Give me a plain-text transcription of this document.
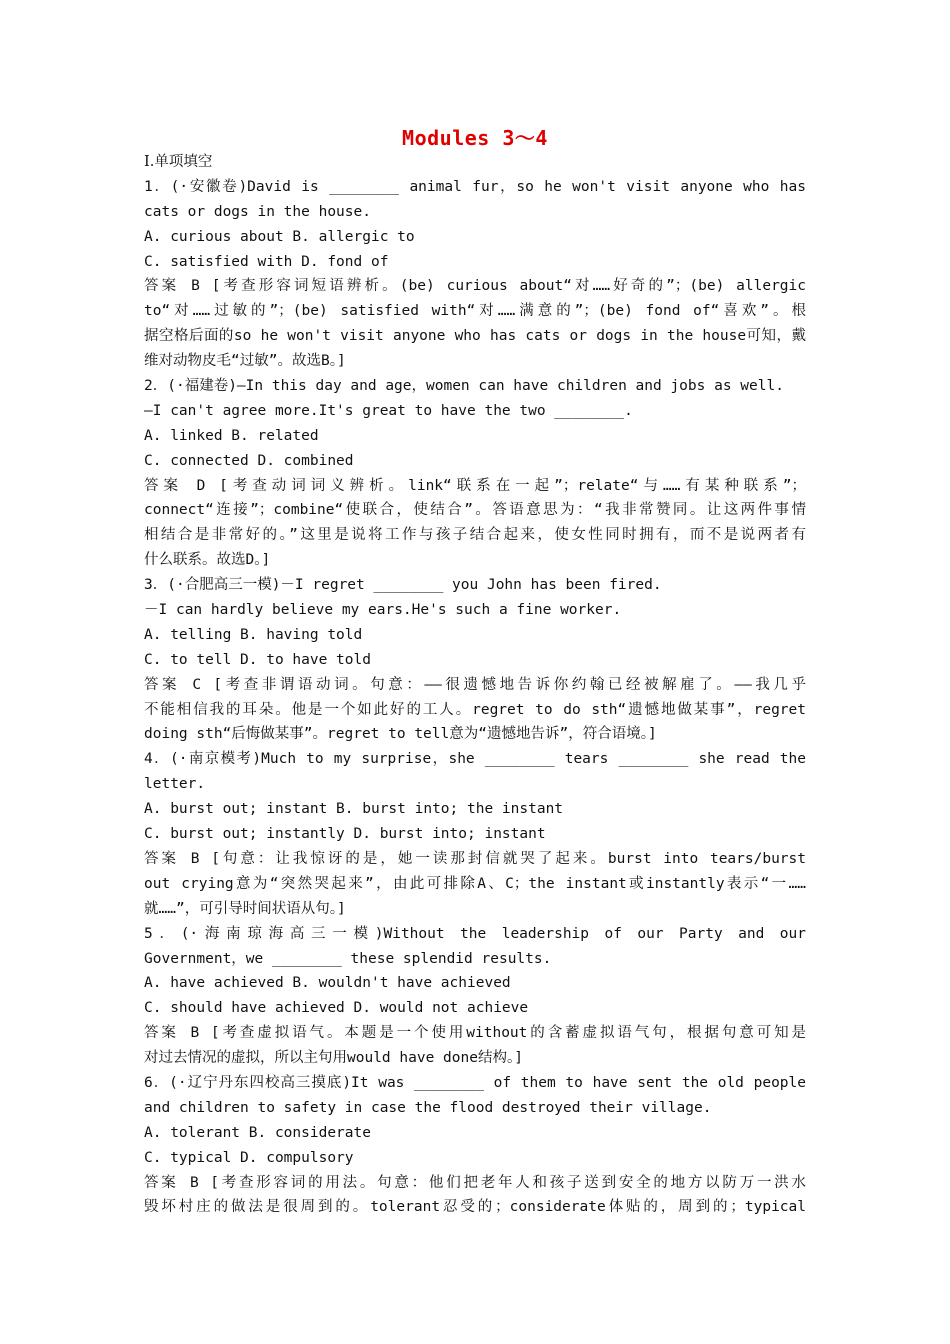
Modules 3～4
Ⅰ.单项填空
1．(·安徽卷)David is ________ animal fur，so he won't visit anyone who has
cats or dogs in the house.
A. curious about B. allergic to
C. satisfied with D. fond of
答案 B [考查形容词短语辨析。(be) curious about“对……好奇的”；(be) allergic
to“对……过敏的”；(be) satisfied with“对……满意的”；(be) fond of“喜欢”。根
据空格后面的so he won't visit anyone who has cats or dogs in the house可知，戴
维对动物皮毛“过敏”。故选B。]
2．(·福建卷)—In this day and age，women can have children and jobs as well.
—I can't agree more.It's great to have the two ________.
A. linked B. related
C. connected D. combined
答案 D [考查动词词义辨析。link“联系在一起”；relate“与……有某种联系”；
connect“连接”；combine“使联合，使结合”。答语意思为：“我非常赞同。让这两件事情
相结合是非常好的。”这里是说将工作与孩子结合起来，使女性同时拥有，而不是说两者有
什么联系。故选D。]
3．(·合肥高三一模)－I regret ________ you John has been fired.
－I can hardly believe my ears.He's such a fine worker.
A. telling B. having told
C. to tell D. to have told
答案 C [考查非谓语动词。句意：——很遗憾地告诉你约翰已经被解雇了。——我几乎
不能相信我的耳朵。他是一个如此好的工人。regret to do sth“遗憾地做某事”，regret
doing sth“后悔做某事”。regret to tell意为“遗憾地告诉”，符合语境。]
4．(·南京模考)Much to my surprise，she ________ tears ________ she read the
letter.
A. burst out; instant B. burst into; the instant
C. burst out; instantly D. burst into; instant
答案 B [句意：让我惊讶的是，她一读那封信就哭了起来。burst into tears/burst
out crying意为“突然哭起来”，由此可排除A、C；the instant或instantly表示“一……
就……”，可引导时间状语从句。]
5．(·海南琼海高三一模)Without the leadership of our Party and our
Government，we ________ these splendid results.
A. have achieved B. wouldn't have achieved
C. should have achieved D. would not achieve
答案 B [考查虚拟语气。本题是一个使用without的含蓄虚拟语气句，根据句意可知是
对过去情况的虚拟，所以主句用would have done结构。]
6．(·辽宁丹东四校高三摸底)It was ________ of them to have sent the old people
and children to safety in case the flood destroyed their village.
A. tolerant B. considerate
C. typical D. compulsory
答案 B [考查形容词的用法。句意：他们把老年人和孩子送到安全的地方以防万一洪水
毁坏村庄的做法是很周到的。tolerant忍受的；considerate体贴的，周到的；typical
